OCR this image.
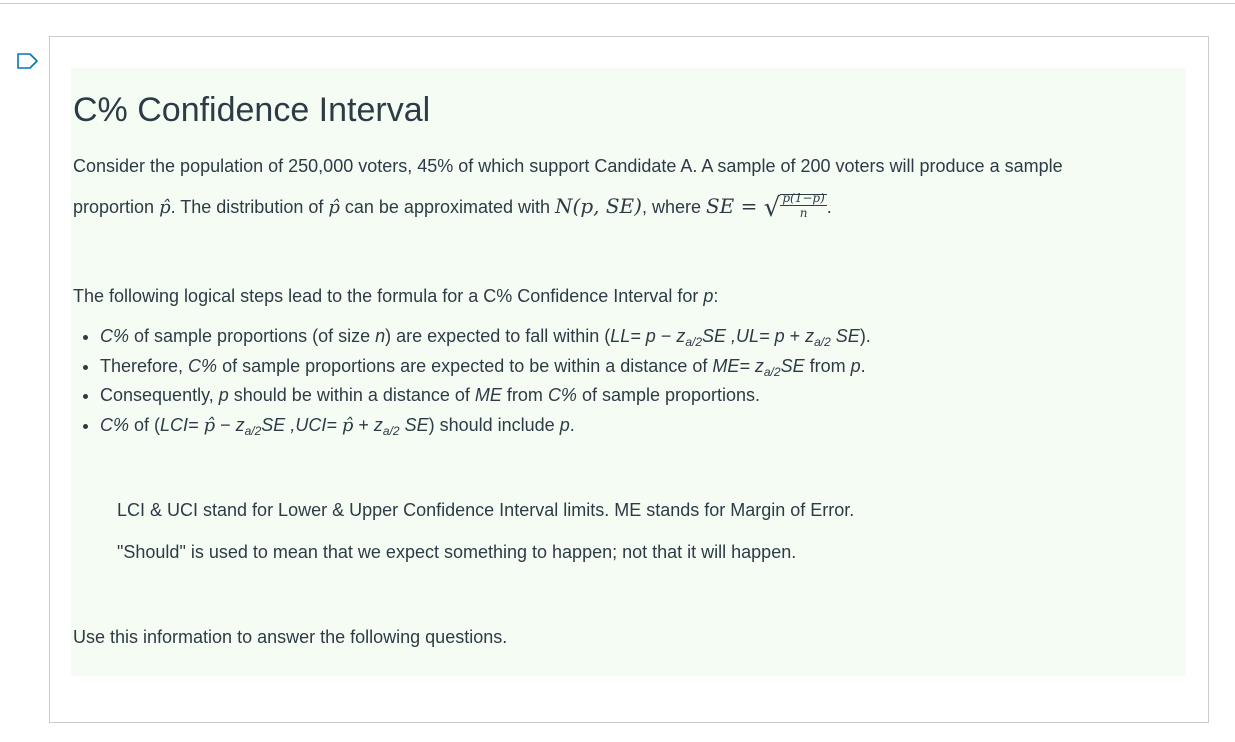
C% Confidence Interval
Consider the population of 250,000 voters, 45% of which support Candidate A. A sample of 200 voters will produce a sample
proportion p̂. The distribution of p̂ can be approximated with N(p, SE), where SE = √ $\frac{p(1-p)}{n}$ .
The following logical steps lead to the formula for a C% Confidence Interval for p:
• C% of sample proportions (of size n) are expected to fall within ($LL= p - z_{a/2}SE$ $,UL= p + z_{a/2}$ SE).
• Therefore, C% of sample proportions are expected to be within a distance of $ME= z_{a/2}SE$ from p.
• Consequently, p should be within a distance of ME from C% of sample proportions.
• C% of (LCI= p̂ − $z_{a/2}SE$ ,UCI= p̂ + $z_{a/2}$ SE) should include p.
LCI & UCI stand for Lower & Upper Confidence Interval limits. ME stands for Margin of Error.
"Should" is used to mean that we expect something to happen; not that it will happen.
Use this information to answer the following questions.
